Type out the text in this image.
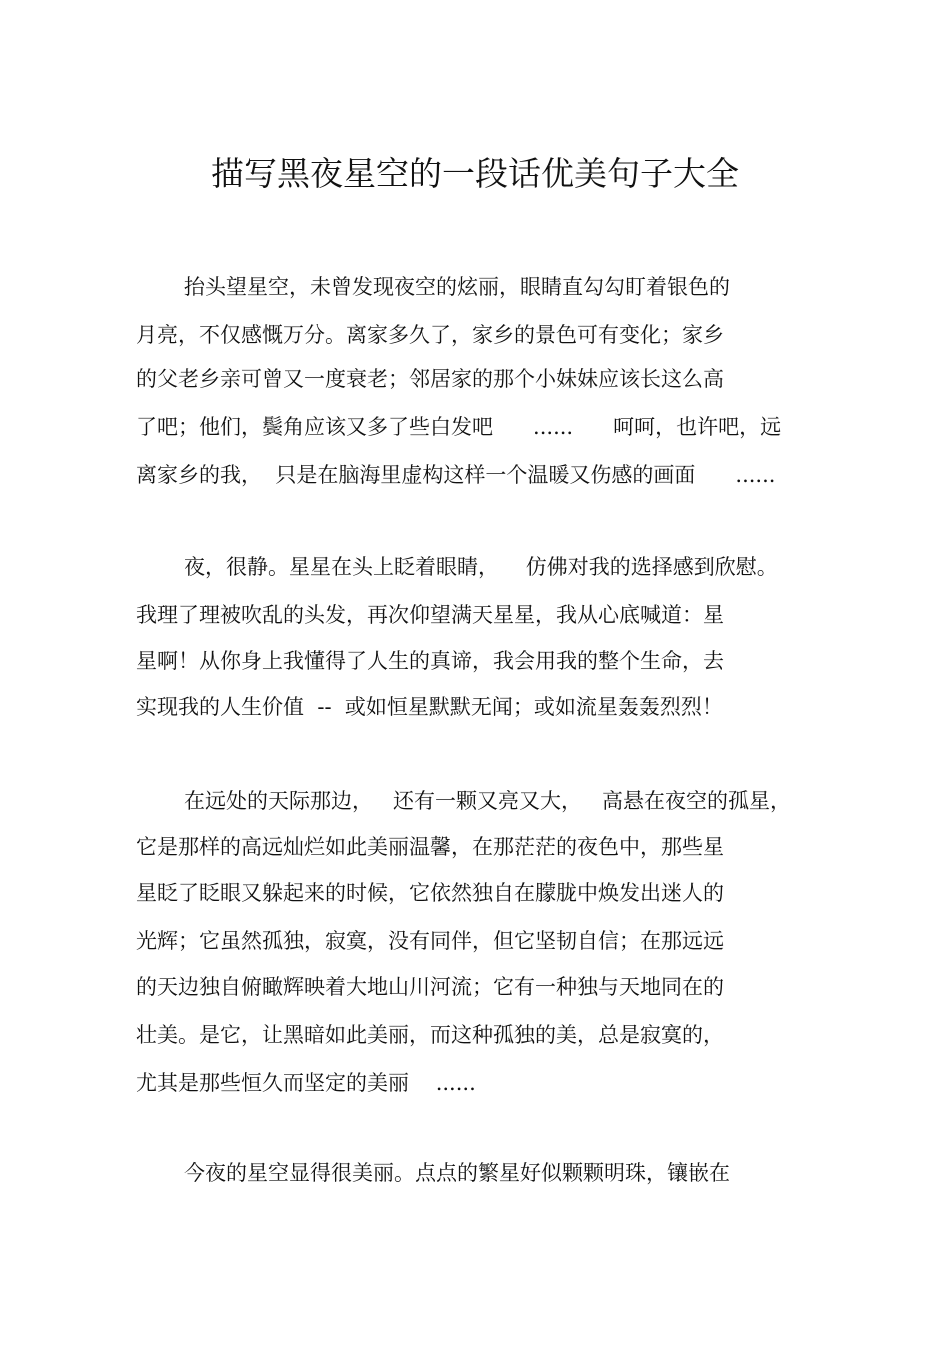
描写黑夜星空的一段话优美句子大全
抬头望星空，未曾发现夜空的炫丽，眼睛直勾勾盯着银色的
月亮，不仅感慨万分。离家多久了，家乡的景色可有变化；家乡
的父老乡亲可曾又一度衰老；邻居家的那个小妹妹应该长这么高
了吧；他们，鬓角应该又多了些白发吧      ......      呵呵，也许吧，远
离家乡的我，  只是在脑海里虚构这样一个温暖又伤感的画面      ......
夜，很静。星星在头上眨着眼睛，    仿佛对我的选择感到欣慰。
我理了理被吹乱的头发，再次仰望满天星星，我从心底喊道：星
星啊！从你身上我懂得了人生的真谛，我会用我的整个生命，去
实现我的人生价值  --  或如恒星默默无闻；或如流星轰轰烈烈！
在远处的天际那边，   还有一颗又亮又大，   高悬在夜空的孤星，
它是那样的高远灿烂如此美丽温馨，在那茫茫的夜色中，那些星
星眨了眨眼又躲起来的时候，它依然独自在朦胧中焕发出迷人的
光辉；它虽然孤独，寂寞，没有同伴，但它坚韧自信；在那远远
的天边独自俯瞰辉映着大地山川河流；它有一种独与天地同在的
壮美。是它，让黑暗如此美丽，而这种孤独的美，总是寂寞的，
尤其是那些恒久而坚定的美丽    ......
今夜的星空显得很美丽。点点的繁星好似颗颗明珠，镶嵌在
